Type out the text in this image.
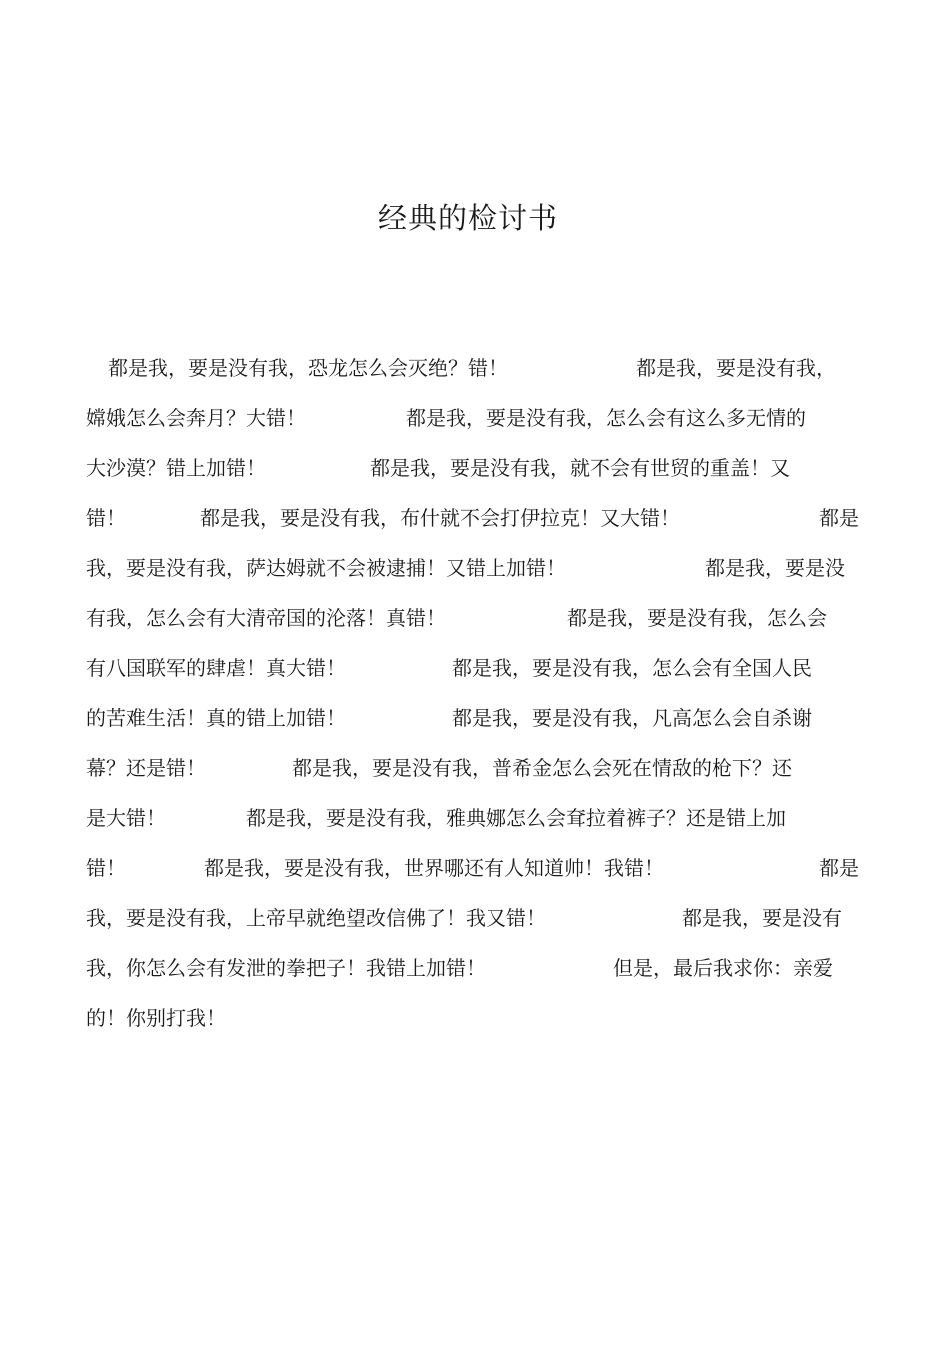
经典的检讨书
都是我，要是没有我，恐龙怎么会灭绝？错！	都是我，要是没有我，
嫦娥怎么会奔月？大错！	都是我，要是没有我，怎么会有这么多无情的
大沙漠？错上加错！	都是我，要是没有我，就不会有世贸的重盖！又
错！	都是我，要是没有我，布什就不会打伊拉克！又大错！	都是
我，要是没有我，萨达姆就不会被逮捕！又错上加错！	都是我，要是没
有我，怎么会有大清帝国的沦落！真错！	都是我，要是没有我，怎么会
有八国联军的肆虐！真大错！	都是我，要是没有我，怎么会有全国人民
的苦难生活！真的错上加错！	都是我，要是没有我，凡高怎么会自杀谢
幕？还是错！	都是我，要是没有我，普希金怎么会死在情敌的枪下？还
是大错！	都是我，要是没有我，雅典娜怎么会耷拉着裤子？还是错上加
错！	都是我，要是没有我，世界哪还有人知道帅！我错！	都是
我，要是没有我，上帝早就绝望改信佛了！我又错！	都是我，要是没有
我，你怎么会有发泄的拳把子！我错上加错！	但是，最后我求你：亲爱
的！你别打我！
